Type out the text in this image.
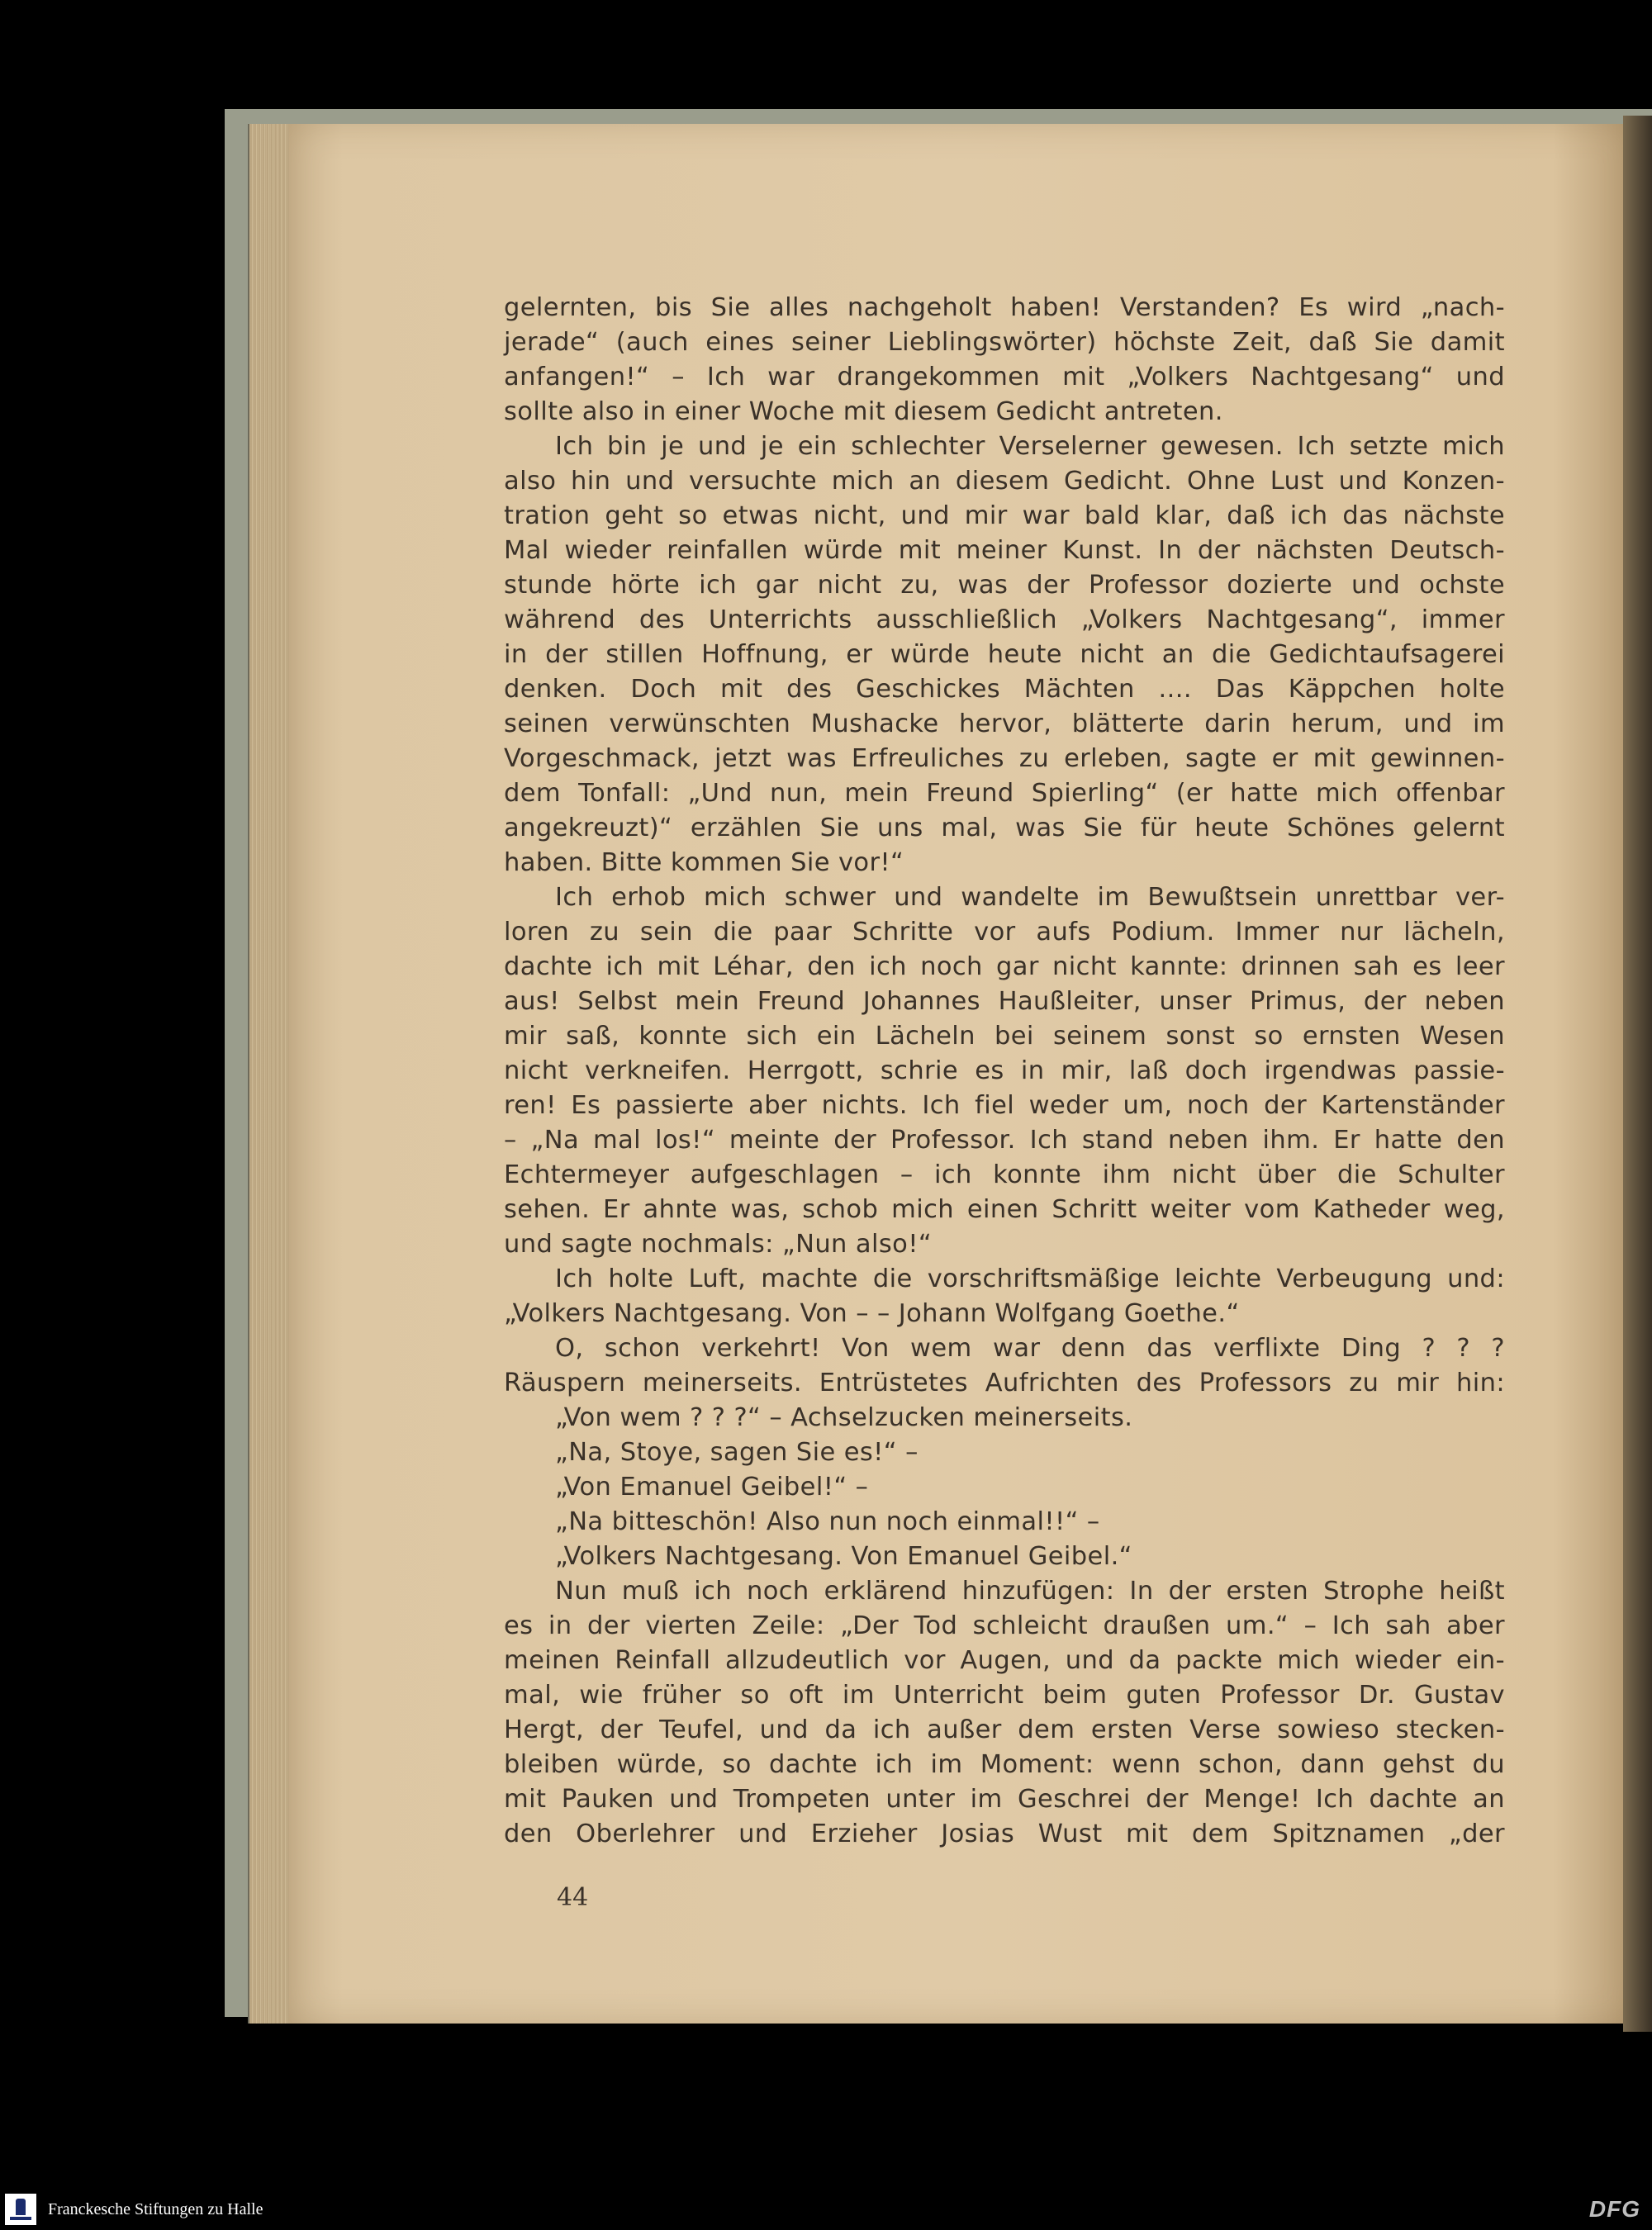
gelernten, bis Sie alles nachgeholt haben! Verstanden? Es wird „nach-
jerade“ (auch eines seiner Lieblingswörter) höchste Zeit, daß Sie damit
anfangen!“ – Ich war drangekommen mit „Volkers Nachtgesang“ und
sollte also in einer Woche mit diesem Gedicht antreten.
Ich bin je und je ein schlechter Verselerner gewesen. Ich setzte mich
also hin und versuchte mich an diesem Gedicht. Ohne Lust und Konzen-
tration geht so etwas nicht, und mir war bald klar, daß ich das nächste
Mal wieder reinfallen würde mit meiner Kunst. In der nächsten Deutsch-
stunde hörte ich gar nicht zu, was der Professor dozierte und ochste
während des Unterrichts ausschließlich „Volkers Nachtgesang“, immer
in der stillen Hoffnung, er würde heute nicht an die Gedichtaufsagerei
denken. Doch mit des Geschickes Mächten .... Das Käppchen holte
seinen verwünschten Mushacke hervor, blätterte darin herum, und im
Vorgeschmack, jetzt was Erfreuliches zu erleben, sagte er mit gewinnen-
dem Tonfall: „Und nun, mein Freund Spierling“ (er hatte mich offenbar
angekreuzt)“ erzählen Sie uns mal, was Sie für heute Schönes gelernt
haben. Bitte kommen Sie vor!“
Ich erhob mich schwer und wandelte im Bewußtsein unrettbar ver-
loren zu sein die paar Schritte vor aufs Podium. Immer nur lächeln,
dachte ich mit Léhar, den ich noch gar nicht kannte: drinnen sah es leer
aus! Selbst mein Freund Johannes Haußleiter, unser Primus, der neben
mir saß, konnte sich ein Lächeln bei seinem sonst so ernsten Wesen
nicht verkneifen. Herrgott, schrie es in mir, laß doch irgendwas passie-
ren! Es passierte aber nichts. Ich fiel weder um, noch der Kartenständer
– „Na mal los!“ meinte der Professor. Ich stand neben ihm. Er hatte den
Echtermeyer aufgeschlagen – ich konnte ihm nicht über die Schulter
sehen. Er ahnte was, schob mich einen Schritt weiter vom Katheder weg,
und sagte nochmals: „Nun also!“
Ich holte Luft, machte die vorschriftsmäßige leichte Verbeugung und:
„Volkers Nachtgesang. Von – – Johann Wolfgang Goethe.“
O, schon verkehrt! Von wem war denn das verflixte Ding ? ? ?
Räuspern meinerseits. Entrüstetes Aufrichten des Professors zu mir hin:
„Von wem ? ? ?“ – Achselzucken meinerseits.
„Na, Stoye, sagen Sie es!“ –
„Von Emanuel Geibel!“ –
„Na bitteschön! Also nun noch einmal!!“ –
„Volkers Nachtgesang. Von Emanuel Geibel.“
Nun muß ich noch erklärend hinzufügen: In der ersten Strophe heißt
es in der vierten Zeile: „Der Tod schleicht draußen um.“ – Ich sah aber
meinen Reinfall allzudeutlich vor Augen, und da packte mich wieder ein-
mal, wie früher so oft im Unterricht beim guten Professor Dr. Gustav
Hergt, der Teufel, und da ich außer dem ersten Verse sowieso stecken-
bleiben würde, so dachte ich im Moment: wenn schon, dann gehst du
mit Pauken und Trompeten unter im Geschrei der Menge! Ich dachte an
den Oberlehrer und Erzieher Josias Wust mit dem Spitznamen „der
44
Franckesche Stiftungen zu Halle	DFG
